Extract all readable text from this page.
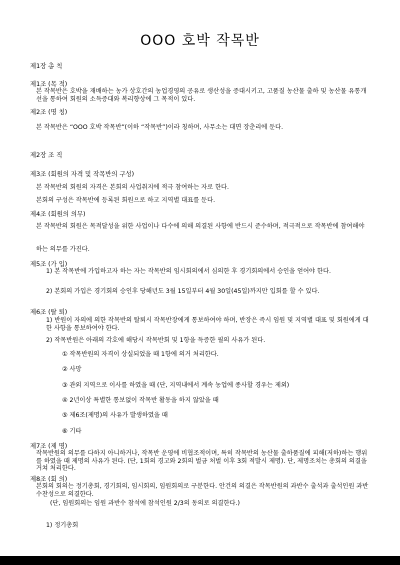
OOO 호박 작목반
제1장 총 칙
제1조 (목 적)
본 작목반은 호박을 재배하는 농가 상호간의 농업경영의 공유로 생산성을 증대시키고, 고품질 농산물 출하 및 농산물 유통개선을 통하여 회원의 소득증대와 복리향상에 그 목적이 있다.
제2조 (명 칭)
본 작목반은 “OOO 호박 작목반”(이하 “작목반”)이라 칭하며, 사무소는 대면 장춘리에 둔다.
제2장 조 직
제3조 (회원의 자격 및 작목반의 구성)
본 작목반의 회원의 자격은 본회의 사업취지에 적극 참여하는 자로 한다.
본회의 구성은 작목반에 등록된 회원으로 하고 지역별 대표를 둔다.
제4조 (회원의 의무)
본 작목반의 회원은 목적달성을 위한 사업이나 다수에 의해 의결된 사항에 반드시 준수하며, 적극적으로 작목반에 참여해야
하는 의무를 가진다.
제5조 (가 입)
1) 본 작목반에 가입하고자 하는 자는 작목반의 임시회의에서 심의한 후 경기회의에서 승인을 얻어야 한다.
2) 본회의 가입은 경기회의 승인후 당해년도 3월 15일부터 4월 30일(45일)까지만 입회를 할 수 있다.
제6조 (탈 퇴)
1) 반원이 자의에 의한 작목반의 탈퇴시 작목반장에게 통보하여야 하며, 반장은 즉시 임원 및 지역별 대표 및 회원에게 대한 사항을 통보하여야 한다.
2) 작목반원은 아래의 각호에 해당시 작목반회 및 1항을 득증한 필의 사유가 된다.
① 작목반원의 자격이 상실되었을 때 1항에 의거 처리한다.
② 사망
③ 관외 지역으로 이사를 하였을 때 (단, 지역내에서 계속 농업에 종사할 경우는 제외)
④ 2년이상 특별한 통보없이 작목반 활동을 하지 않았을 때
⑤ 제6조(제명)의 사유가 발생하였을 때
⑥ 기타
제7조 (제 명)
작목반원의 의무를 다하지 아니하거나, 작목반 운영에 비협조적이며, 특히 작목반의 농산물 출하품질에 피해(저하)하는 행위를 하였을 때 제명의 사유가 된다. (단, 1회의 경고와 2회의 벌금 처벌 이후 3회 적발시 제명). 단, 제명조치는 총회의 의결을 거쳐 처리한다.
제8조 (회 의)
본회의 회의는 정기총회, 경기회의, 임시회의, 임원회의로 구분한다. 안건의 의결은 작목반원의 과반수 출석과 출석인원 과반수찬성으로 의결한다.
(단, 임원회의는 임원 과반수 참석에 참석인원 2/3의 동의로 의결한다.)
1) 정기총회
